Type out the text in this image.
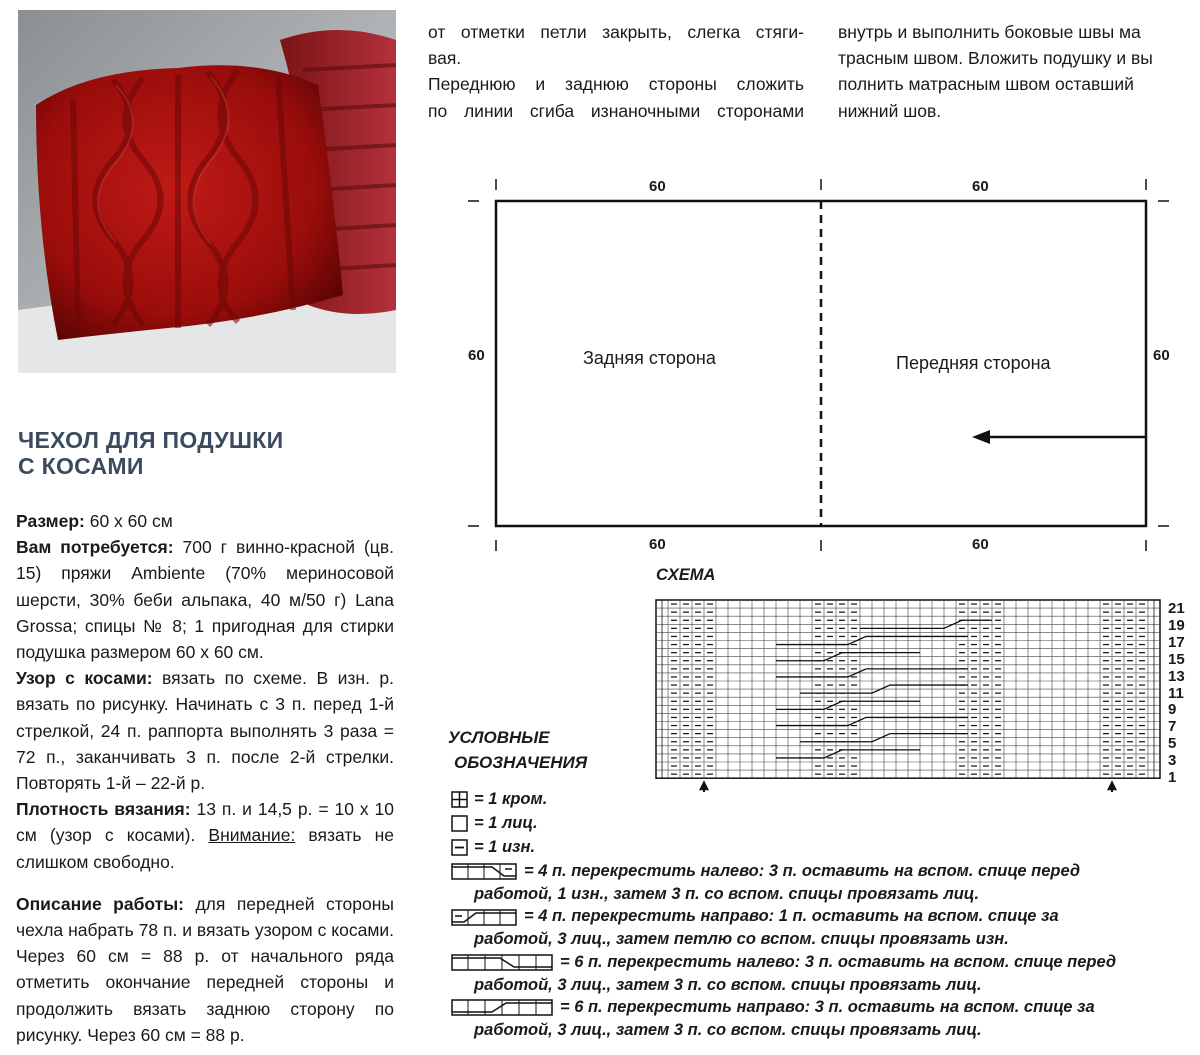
ЧЕХОЛ ДЛЯ ПОДУШКИ
С КОСАМИ

Размер: 60 х 60 см

Вам потребуется: 700 г винно-красной (цв. 15) пряжи Ambiente (70% мериносовой шерсти, 30% беби альпака, 40 м/50 г) Lana Grossa; спицы № 8; 1 пригодная для стирки подушка размером 60 х 60 см.

Узор с косами: вязать по схеме. В изн. р. вязать по рисунку. Начинать с 3 п. перед 1-й стрелкой, 24 п. раппорта выполнять 3 раза = 72 п., заканчивать 3 п. после 2-й стрелки. Повторять 1-й – 22-й р.

Плотность вязания: 13 п. и 14,5 р. = 10 х 10 см (узор с косами). Внимание: вязать не слишком свободно.

Описание работы: для передней стороны чехла набрать 78 п. и вязать узором с косами. Через 60 см = 88 р. от начального ряда отметить окончание передней стороны и продолжить вязать заднюю сторону по рисунку. Через 60 см = 88 р.

от отметки петли закрыть, слегка стяги-
вая.
Переднюю и заднюю стороны сложить
по линии сгиба изнаночными сторонами
внутрь и выполнить боковые швы ма
трасным швом. Вложить подушку и вы
полнить матрасным швом оставший
нижний шов.
60	60
60	60
60	60
Задняя сторона	Передняя сторона
СХЕМА
21
19
17
15
13
11
9
7
5
3
1
УСЛОВНЫЕ
ОБОЗНАЧЕНИЯ
= 1 кром.
= 1 лиц.
= 1 изн.
= 4 п. перекрестить налево: 3 п. оставить на вспом. спице перед
работой, 1 изн., затем 3 п. со вспом. спицы провязать лиц.
= 4 п. перекрестить направо: 1 п. оставить на вспом. спице за
работой, 3 лиц., затем петлю со вспом. спицы провязать изн.
= 6 п. перекрестить налево: 3 п. оставить на вспом. спице перед
работой, 3 лиц., затем 3 п. со вспом. спицы провязать лиц.
= 6 п. перекрестить направо: 3 п. оставить на вспом. спице за
работой, 3 лиц., затем 3 п. со вспом. спицы провязать лиц.
